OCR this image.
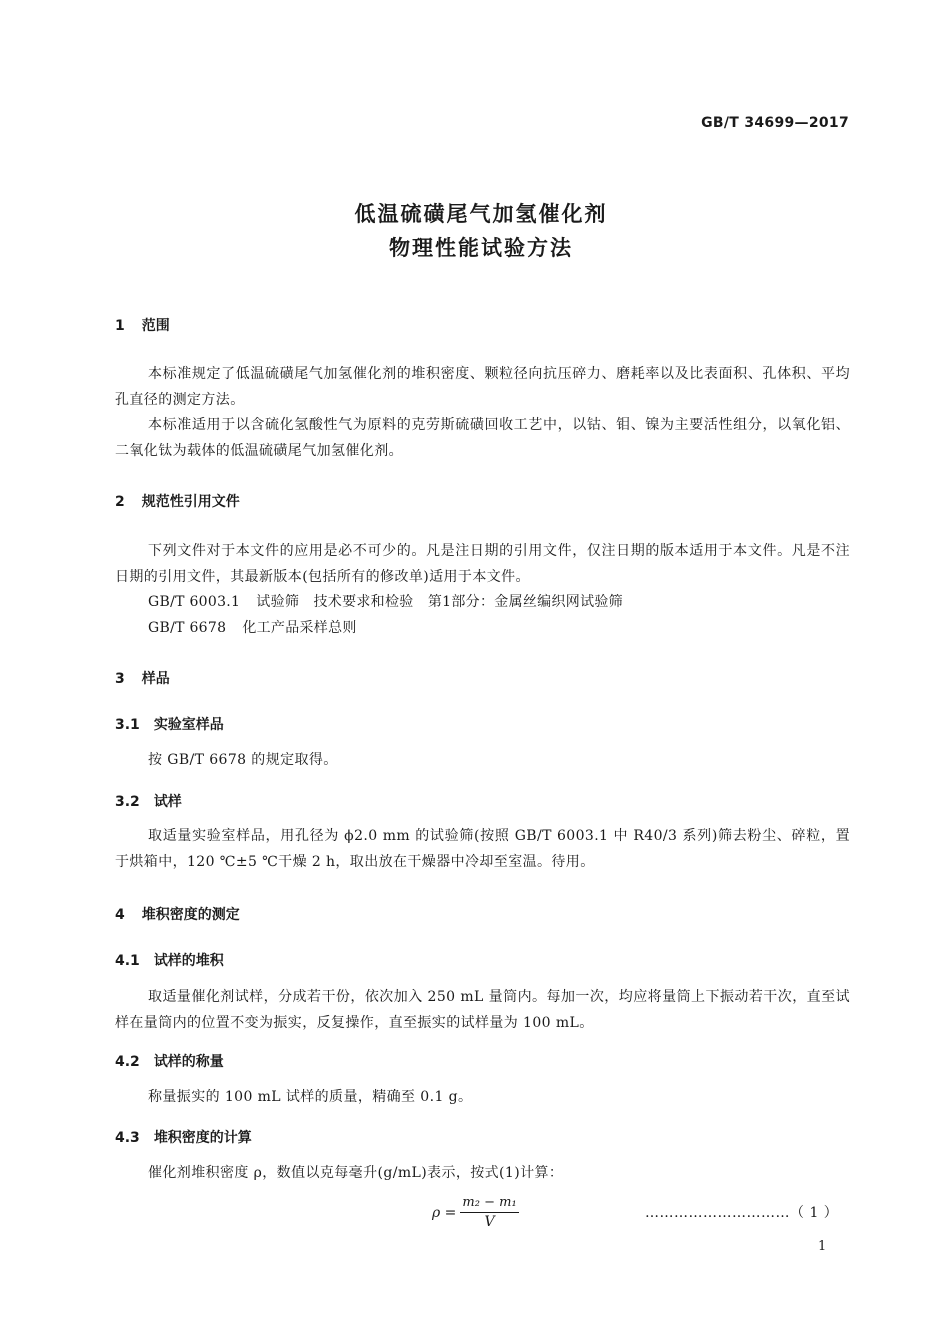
GB/T 34699—2017
低温硫磺尾气加氢催化剂
物理性能试验方法
1 范围
本标准规定了低温硫磺尾气加氢催化剂的堆积密度、颗粒径向抗压碎力、磨耗率以及比表面积、孔体积、平均孔直径的测定方法。
本标准适用于以含硫化氢酸性气为原料的克劳斯硫磺回收工艺中，以钴、钼、镍为主要活性组分，以氧化铝、二氧化钛为载体的低温硫磺尾气加氢催化剂。
2 规范性引用文件
下列文件对于本文件的应用是必不可少的。凡是注日期的引用文件，仅注日期的版本适用于本文件。凡是不注日期的引用文件，其最新版本(包括所有的修改单)适用于本文件。
GB/T 6003.1 试验筛　技术要求和检验　第1部分：金属丝编织网试验筛
GB/T 6678 化工产品采样总则
3 样品
3.1 实验室样品
按 GB/T 6678 的规定取得。
3.2 试样
取适量实验室样品，用孔径为 ϕ2.0 mm 的试验筛(按照 GB/T 6003.1 中 R40/3 系列)筛去粉尘、碎粒，置于烘箱中，120 ℃±5 ℃干燥 2 h，取出放在干燥器中冷却至室温。待用。
4 堆积密度的测定
4.1 试样的堆积
取适量催化剂试样，分成若干份，依次加入 250 mL 量筒内。每加一次，均应将量筒上下振动若干次，直至试样在量筒内的位置不变为振实，反复操作，直至振实的试样量为 100 mL。
4.2 试样的称量
称量振实的 100 mL 试样的质量，精确至 0.1 g。
4.3 堆积密度的计算
催化剂堆积密度 ρ，数值以克每毫升(g/mL)表示，按式(1)计算：
$\rho = \frac{\text{m₂ − m₁}}{V}$	…………………………（ 1 ）
1
